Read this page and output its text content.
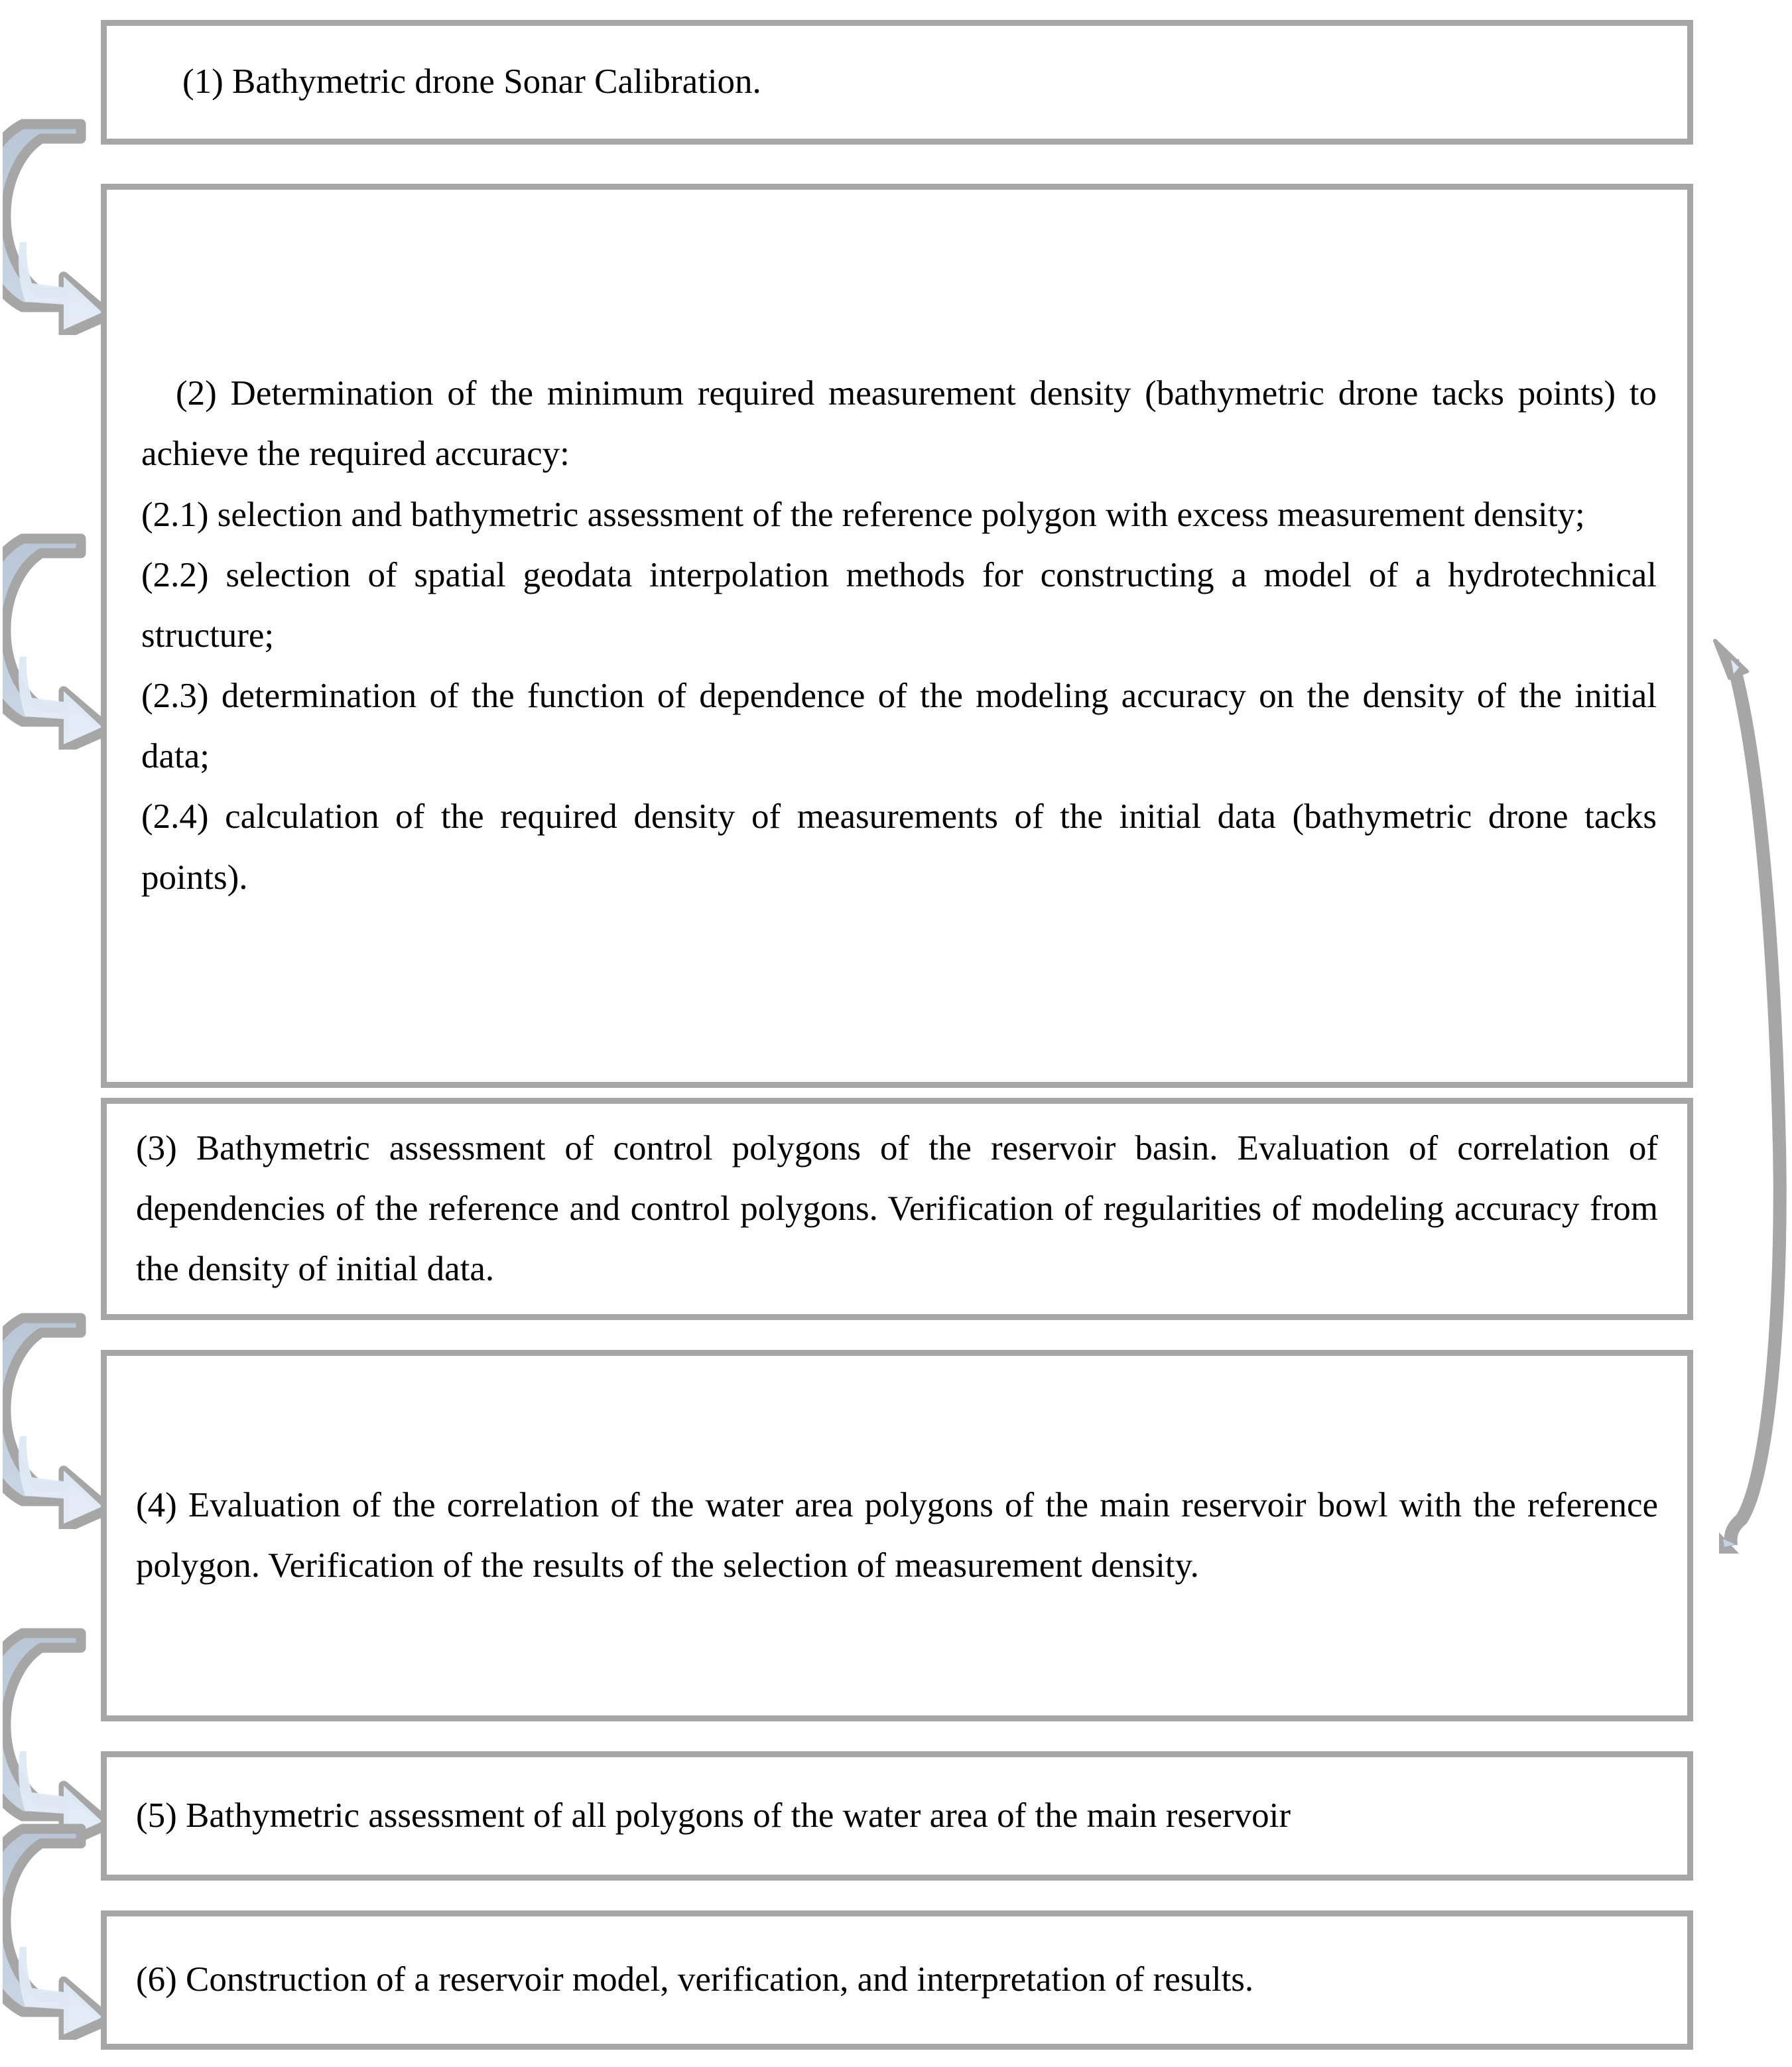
(1) Bathymetric drone Sonar Calibration.

(2) Determination of the minimum required measurement density (bathymetric drone tacks points) to achieve the required accuracy:

(2.1) selection and bathymetric assessment of the reference polygon with excess measurement density;

(2.2) selection of spatial geodata interpolation methods for constructing a model of a hydrotechnical structure;

(2.3) determination of the function of dependence of the modeling accuracy on the density of the initial data;

(2.4) calculation of the required density of measurements of the initial data (bathymetric drone tacks points).

(3) Bathymetric assessment of control polygons of the reservoir basin. Evaluation of correlation of dependencies of the reference and control polygons. Verification of regularities of modeling accuracy from the density of initial data.

(4) Evaluation of the correlation of the water area polygons of the main reservoir bowl with the reference polygon. Verification of the results of the selection of measurement density.

(5) Bathymetric assessment of all polygons of the water area of the main reservoir

(6) Construction of a reservoir model, verification, and interpretation of results.
